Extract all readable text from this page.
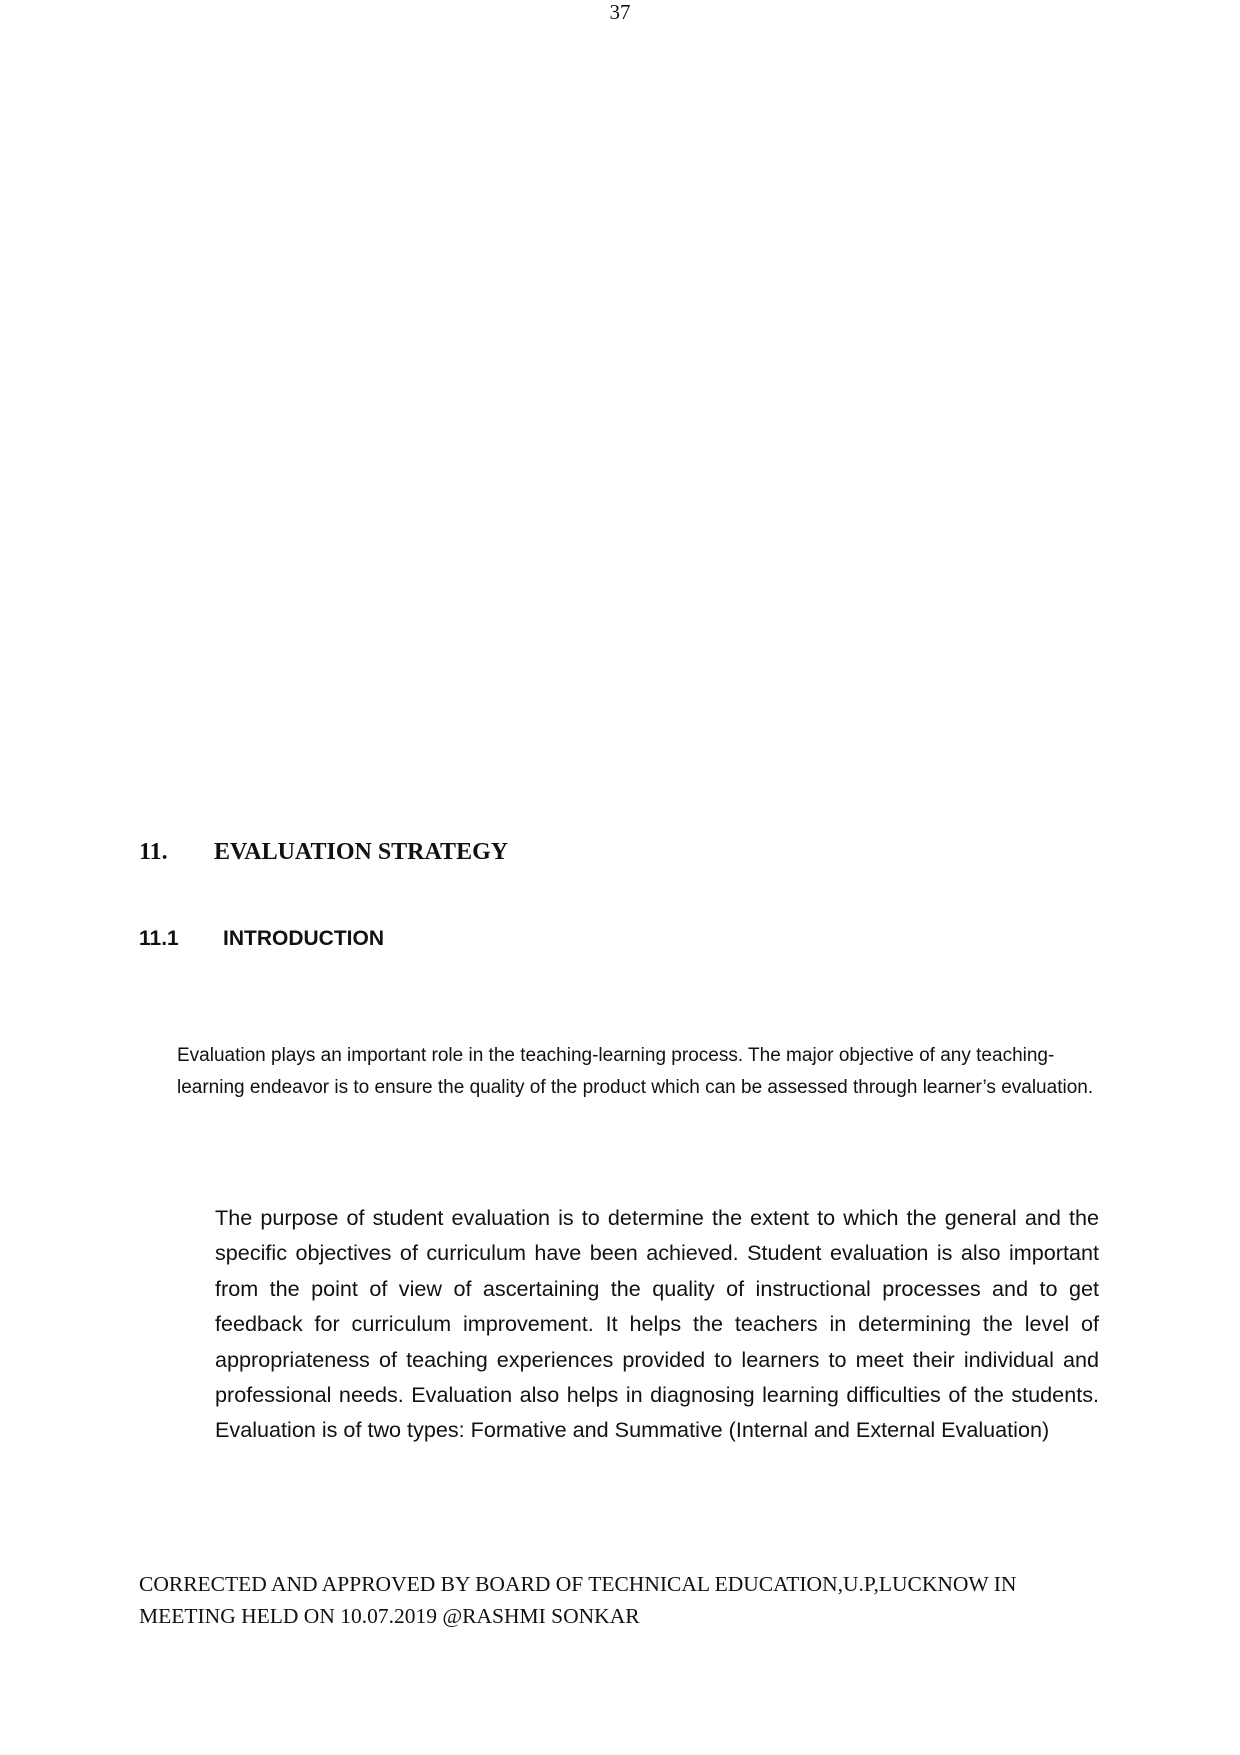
37
11. EVALUATION STRATEGY
11.1 INTRODUCTION

Evaluation plays an important role in the teaching-learning process. The major objective of any teaching-learning endeavor is to ensure the quality of the product which can be assessed through learner’s evaluation.

The purpose of student evaluation is to determine the extent to which the general and the specific objectives of curriculum have been achieved. Student evaluation is also important from the point of view of ascertaining the quality of instructional processes and to get feedback for curriculum improvement. It helps the teachers in determining the level of appropriateness of teaching experiences provided to learners to meet their individual and professional needs. Evaluation also helps in diagnosing learning difficulties of the students. Evaluation is of two types: Formative and Summative (Internal and External Evaluation)

CORRECTED AND APPROVED BY BOARD OF TECHNICAL EDUCATION,U.P,LUCKNOW IN
MEETING HELD ON 10.07.2019 @RASHMI SONKAR
